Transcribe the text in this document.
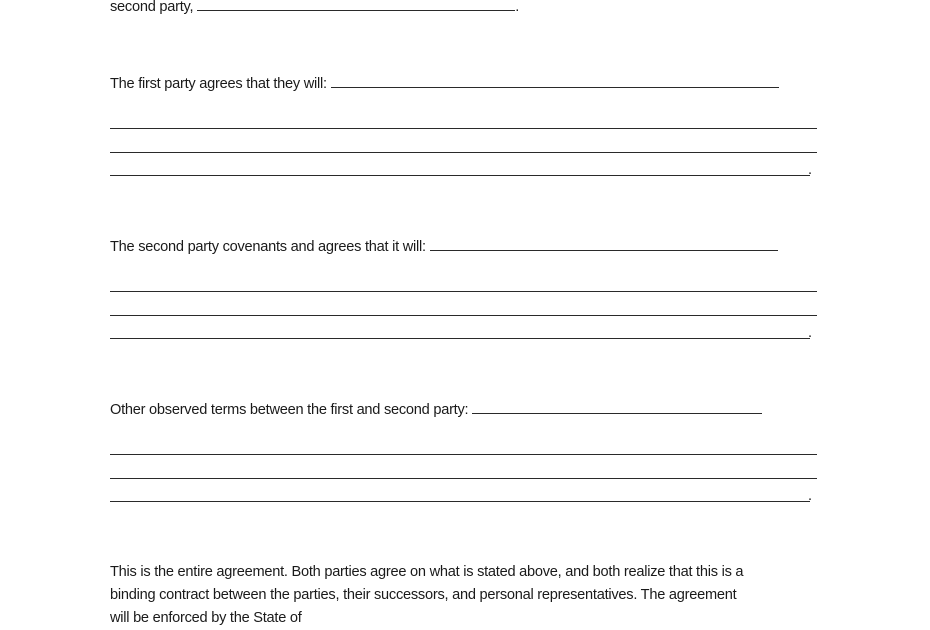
second party,	.
The first party agrees that they will:
.
The second party covenants and agrees that it will:
.
Other observed terms between the first and second party:
.
This is the entire agreement. Both parties agree on what is stated above, and both realize that this is a
binding contract between the parties, their successors, and personal representatives. The agreement
will be enforced by the State of
